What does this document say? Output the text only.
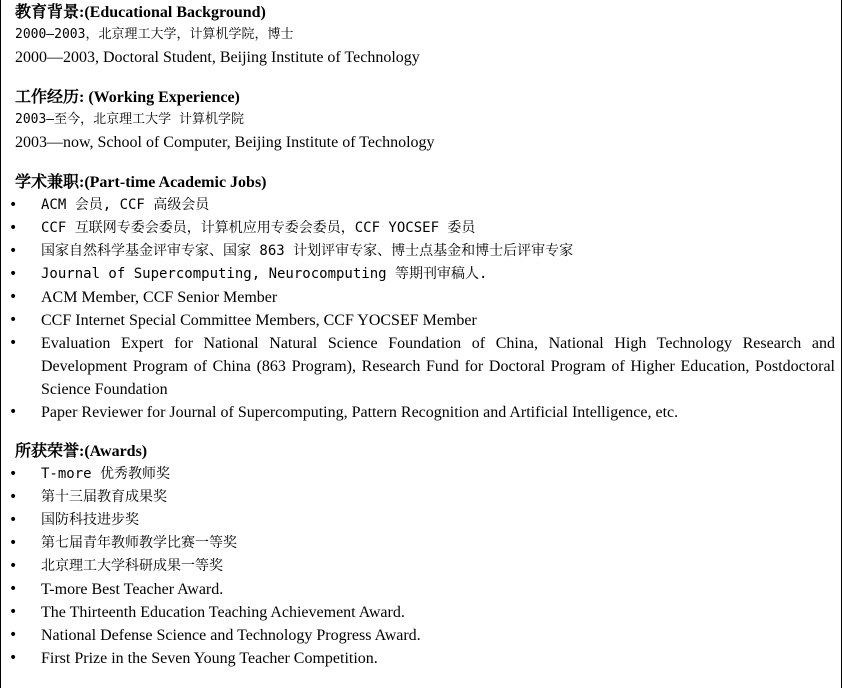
教育背景:(Educational Background)

2000—2003，北京理工大学，计算机学院，博士

2000—2003, Doctoral Student, Beijing Institute of Technology

工作经历: (Working Experience)

2003—至今，北京理工大学 计算机学院

2003—now, School of Computer, Beijing Institute of Technology

学术兼职:(Part-time Academic Jobs)

• ACM 会员, CCF 高级会员
• CCF 互联网专委会委员，计算机应用专委会委员，CCF YOCSEF 委员
• 国家自然科学基金评审专家、国家 863 计划评审专家、博士点基金和博士后评审专家
• Journal of Supercomputing, Neurocomputing 等期刊审稿人.
• ACM Member, CCF Senior Member
• CCF Internet Special Committee Members, CCF YOCSEF Member
• Evaluation Expert for National Natural Science Foundation of China, National High Technology Research and Development Program of China (863 Program), Research Fund for Doctoral Program of Higher Education, Postdoctoral Science Foundation
• Paper Reviewer for Journal of Supercomputing, Pattern Recognition and Artificial Intelligence, etc.

所获荣誉:(Awards)

• T-more 优秀教师奖
• 第十三届教育成果奖
• 国防科技进步奖
• 第七届青年教师教学比赛一等奖
• 北京理工大学科研成果一等奖
• T-more Best Teacher Award.
• The Thirteenth Education Teaching Achievement Award.
• National Defense Science and Technology Progress Award.
• First Prize in the Seven Young Teacher Competition.
